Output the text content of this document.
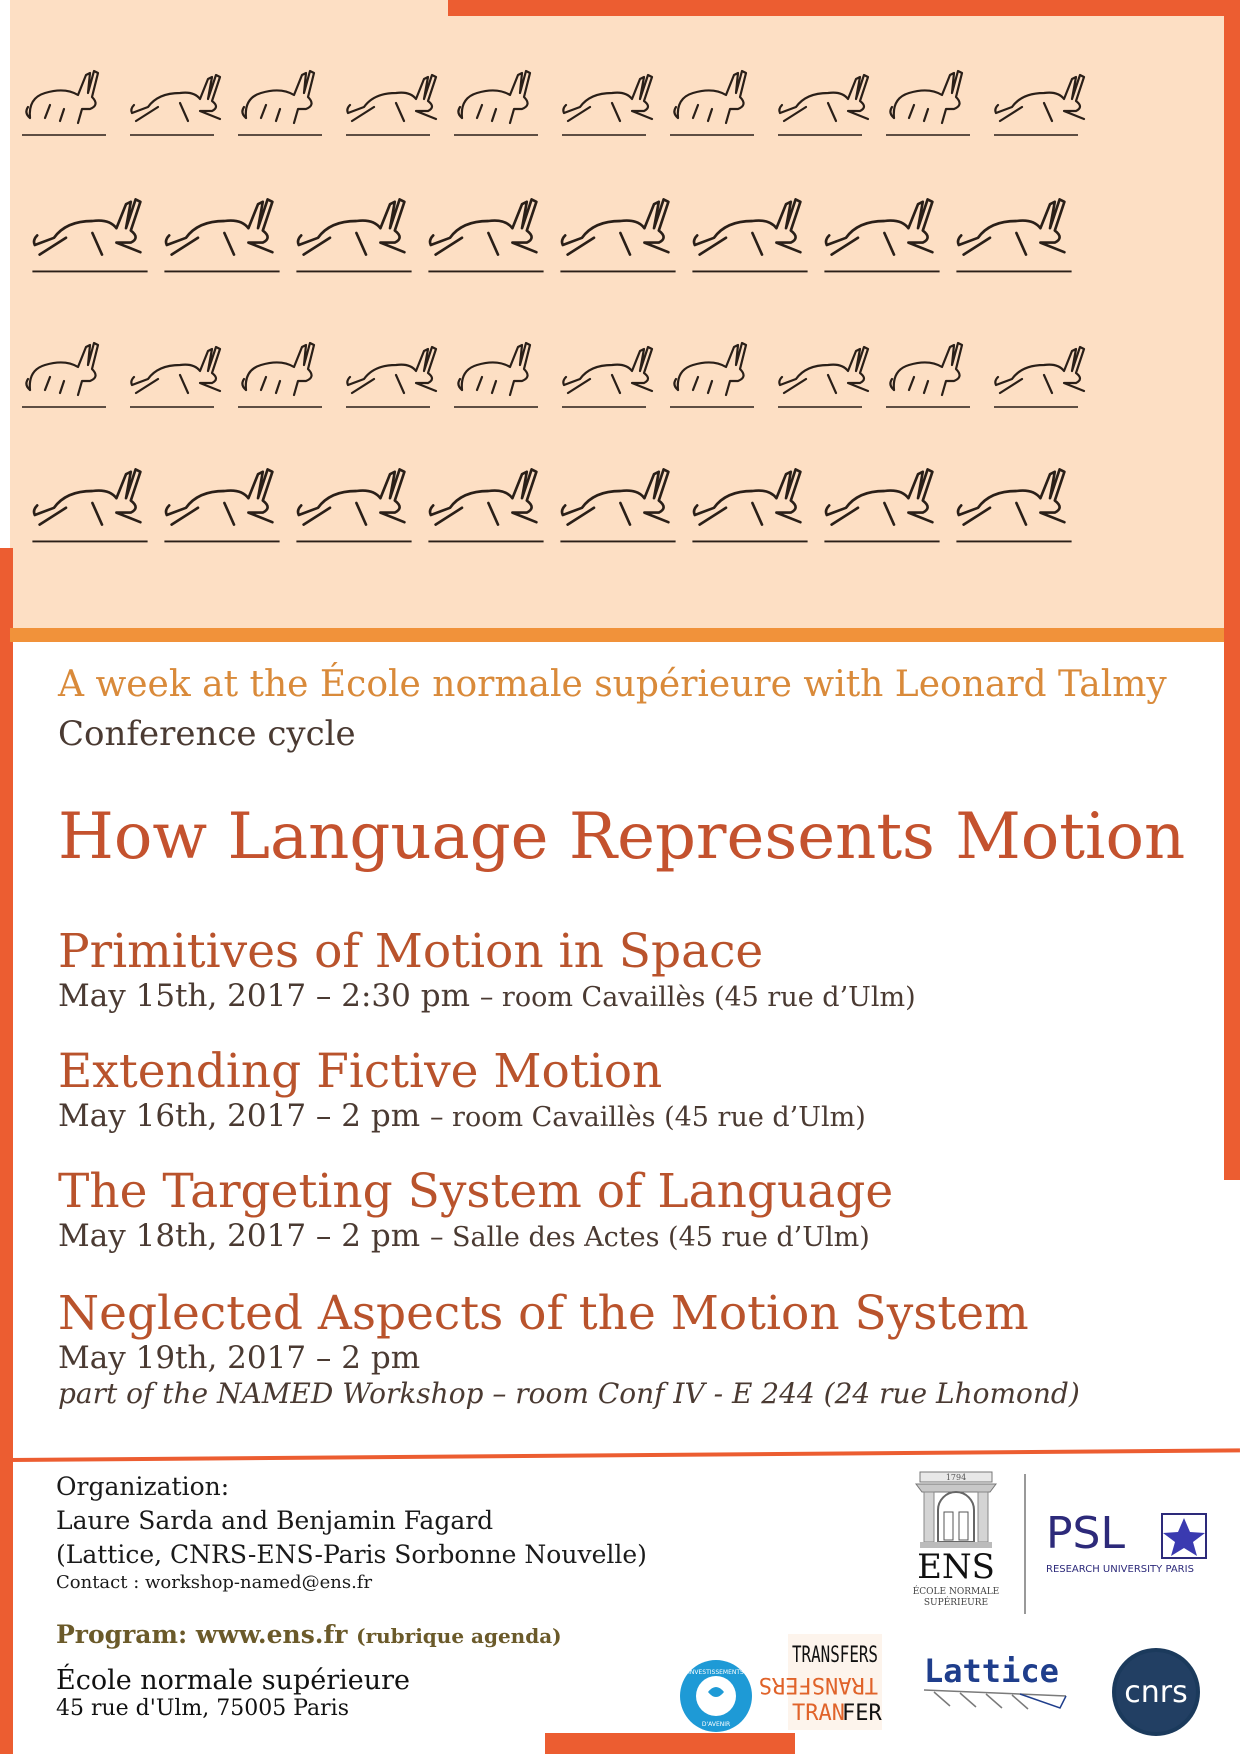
A week at the École normale supérieure with Leonard Talmy
Conference cycle
How Language Represents Motion
Primitives of Motion in Space
May 15th, 2017 – 2:30 pm – room Cavaillès (45 rue d’Ulm)
Extending Fictive Motion
May 16th, 2017 – 2 pm – room Cavaillès (45 rue d’Ulm)
The Targeting System of Language
May 18th, 2017 – 2 pm – Salle des Actes (45 rue d’Ulm)
Neglected Aspects of the Motion System
May 19th, 2017 – 2 pm
part of the NAMED Workshop – room Conf IV - E 244 (24 rue Lhomond)
Organization:
Laure Sarda and Benjamin Fagard
(Lattice, CNRS-ENS-Paris Sorbonne Nouvelle)
Contact : workshop-named@ens.fr
Program: www.ens.fr (rubrique agenda)
École normale supérieure
45 rue d'Ulm, 75005 Paris
1794
ENS
ÉCOLE NORMALE
SUPÉRIEURE
PSL
RESEARCH UNIVERSITY PARIS
INVESTISSEMENTS
D'AVENIR
TRANSFERS
TRANSFERS
TRAN
FER
Lattice
cnrs
